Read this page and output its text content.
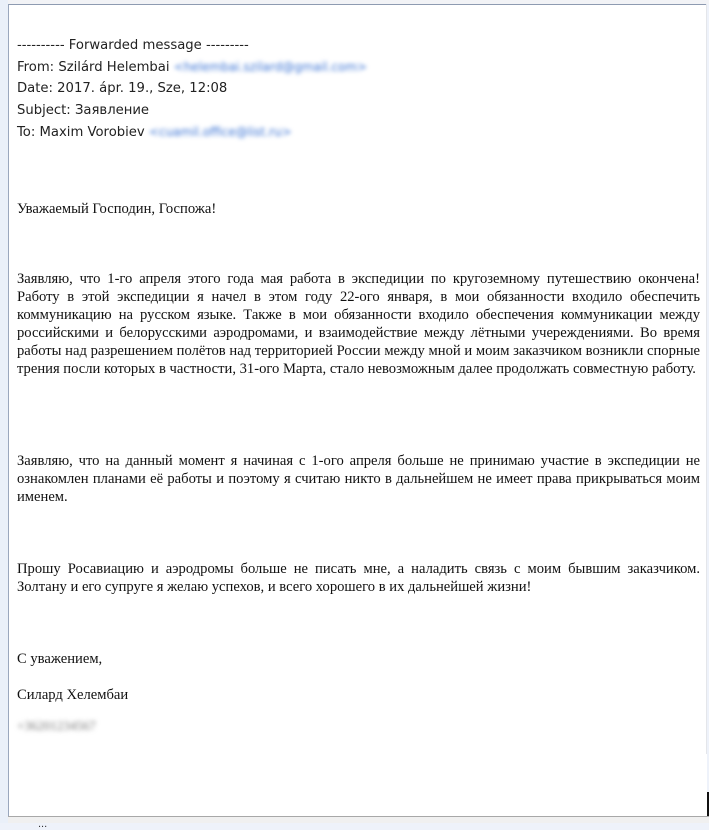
---------- Forwarded message ---------
From: Szilárd Helembai <helembai.szilard@gmail.com>
Date: 2017. ápr. 19., Sze, 12:08
Subject: Заявление
To: Maxim Vorobiev <cuamil.office@list.ru>

Уважаемый Господин, Госпожа!

Заявляю, что 1-го апреля этого года мая работа в экспедиции по кругоземному путешествию окончена! Работу в этой экспедиции я начел в этом году 22-ого января, в мои обязанности входило обеспечить коммуникацию на русском языке. Также в мои обязанности входило обеспечения коммуникации между российскими и белорусскими аэродромами, и взаимодействие между лётными учереждениями. Во время работы над разрешением полётов над территорией России между мной и моим заказчиком возникли спорные трения посли которых в частности, 31-ого Марта, стало невозможным далее продолжать совместную работу.

Заявляю, что на данный момент я начиная с 1-ого апреля больше не принимаю участие в экспедиции не ознакомлен планами её работы и поэтому я считаю никто в дальнейшем не имеет права прикрываться моим именем.

Прошу Росавиацию и аэродромы больше не писать мне, а наладить связь с моим бывшим заказчиком. Золтану и его супруге я желаю успехов, и всего хорошего в их дальнейшей жизни!

С уважением,

Силард Хелембаи

+36201234567
...
